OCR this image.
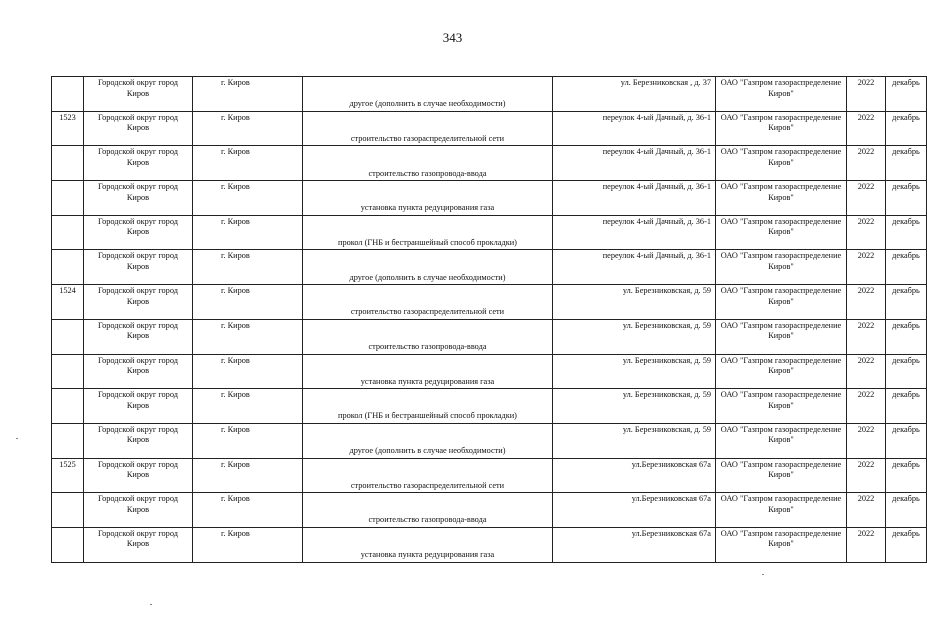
343
	Городской округ город Киров	г. Киров	другое (дополнить в случае необходимости)	ул. Березниковская , д. 37	ОАО "Газпром газораспределение Киров"	2022	декабрь
1523	Городской округ город Киров	г. Киров	строительство газораспределительной сети	переулок 4-ый Дачный, д. 36-1	ОАО "Газпром газораспределение Киров"	2022	декабрь
	Городской округ город Киров	г. Киров	строительство газопровода-ввода	переулок 4-ый Дачный, д. 36-1	ОАО "Газпром газораспределение Киров"	2022	декабрь
	Городской округ город Киров	г. Киров	установка пункта редуцирования газа	переулок 4-ый Дачный, д. 36-1	ОАО "Газпром газораспределение Киров"	2022	декабрь
	Городской округ город Киров	г. Киров	прокол (ГНБ и бестраншейный способ прокладки)	переулок 4-ый Дачный, д. 36-1	ОАО "Газпром газораспределение Киров"	2022	декабрь
	Городской округ город Киров	г. Киров	другое (дополнить в случае необходимости)	переулок 4-ый Дачный, д. 36-1	ОАО "Газпром газораспределение Киров"	2022	декабрь
1524	Городской округ город Киров	г. Киров	строительство газораспределительной сети	ул. Березниковская, д. 59	ОАО "Газпром газораспределение Киров"	2022	декабрь
	Городской округ город Киров	г. Киров	строительство газопровода-ввода	ул. Березниковская, д. 59	ОАО "Газпром газораспределение Киров"	2022	декабрь
	Городской округ город Киров	г. Киров	установка пункта редуцирования газа	ул. Березниковская, д. 59	ОАО "Газпром газораспределение Киров"	2022	декабрь
	Городской округ город Киров	г. Киров	прокол (ГНБ и бестраншейный способ прокладки)	ул. Березниковская, д. 59	ОАО "Газпром газораспределение Киров"	2022	декабрь
	Городской округ город Киров	г. Киров	другое (дополнить в случае необходимости)	ул. Березниковская, д. 59	ОАО "Газпром газораспределение Киров"	2022	декабрь
1525	Городской округ город Киров	г. Киров	строительство газораспределительной сети	ул.Березниковская 67а	ОАО "Газпром газораспределение Киров"	2022	декабрь
	Городской округ город Киров	г. Киров	строительство газопровода-ввода	ул.Березниковская 67а	ОАО "Газпром газораспределение Киров"	2022	декабрь
	Городской округ город Киров	г. Киров	установка пункта редуцирования газа	ул.Березниковская 67а	ОАО "Газпром газораспределение Киров"	2022	декабрь
